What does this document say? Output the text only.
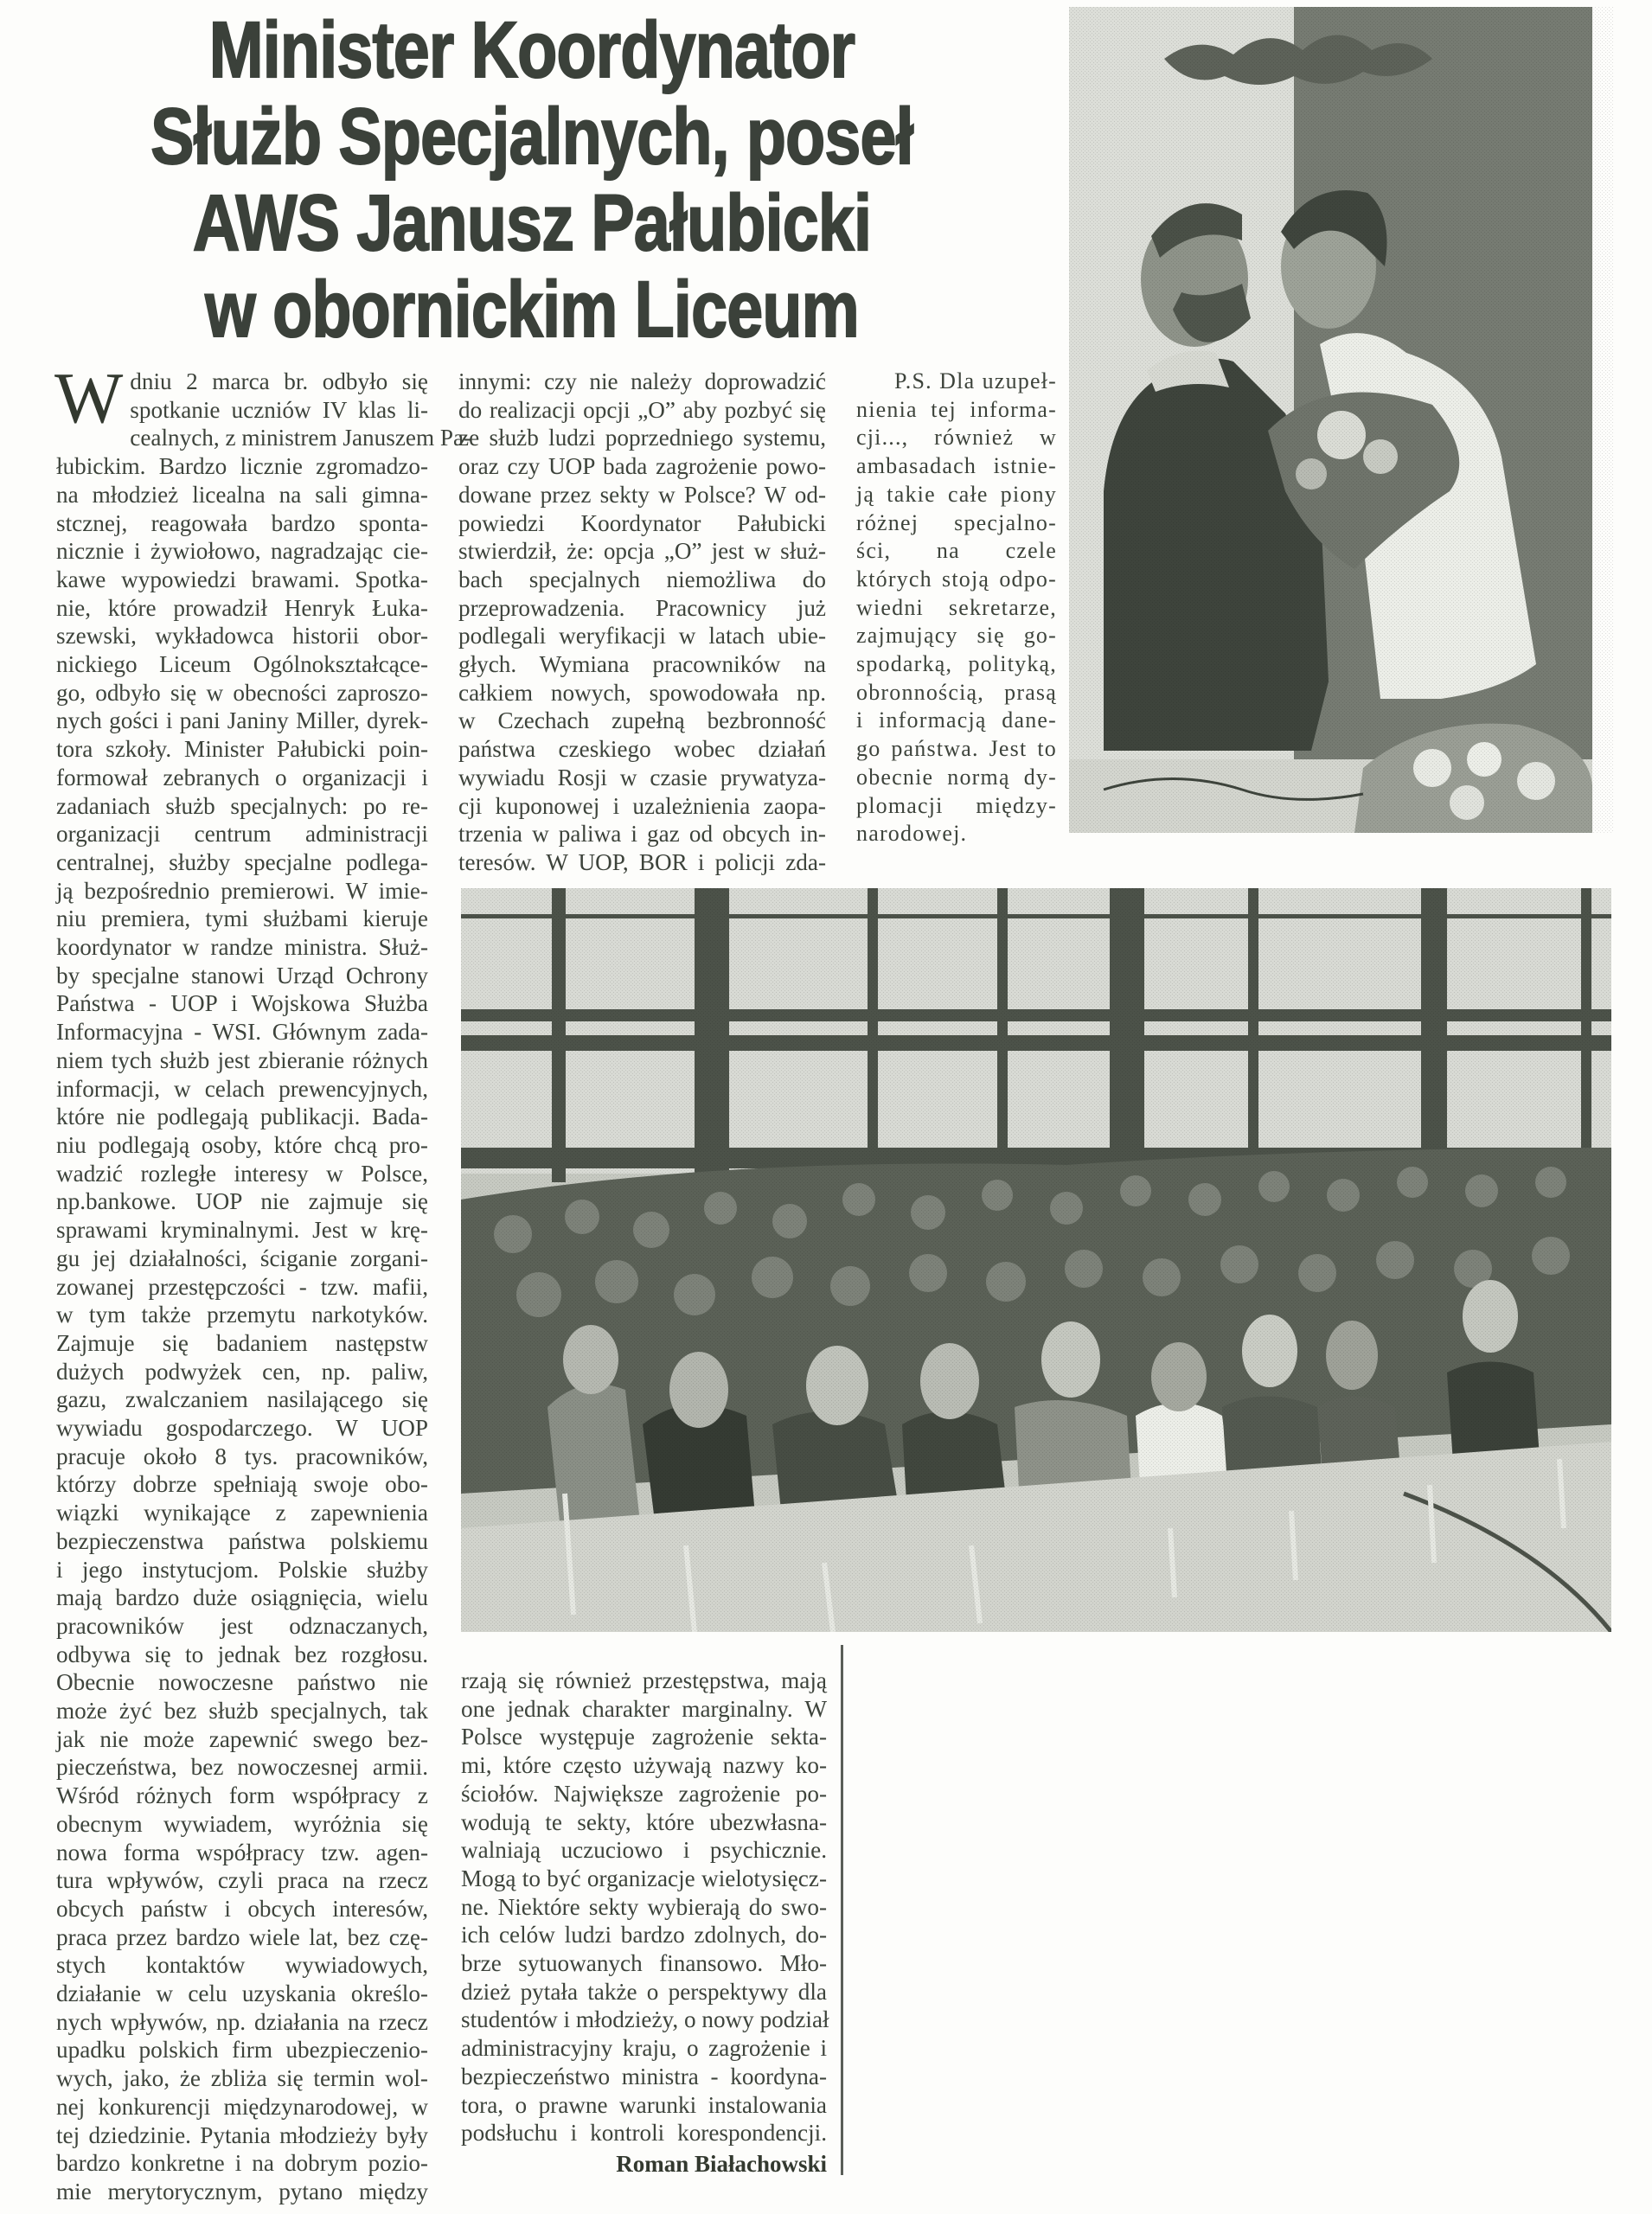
Minister Koordynator
Służb Specjalnych, poseł
AWS Janusz Pałubicki
w obornickim Liceum
W dniu 2 marca br. odbyło się
spotkanie uczniów IV klas li-
cealnych, z ministrem Januszem Pa-
łubickim. Bardzo licznie zgromadzo-
na młodzież licealna na sali gimna-
stcznej, reagowała bardzo sponta-
nicznie i żywiołowo, nagradzając cie-
kawe wypowiedzi brawami. Spotka-
nie, które prowadził Henryk Łuka-
szewski, wykładowca historii obor-
nickiego Liceum Ogólnokształcące-
go, odbyło się w obecności zaproszo-
nych gości i pani Janiny Miller, dyrek-
tora szkoły. Minister Pałubicki poin-
formował zebranych o organizacji i
zadaniach służb specjalnych: po re-
organizacji centrum administracji
centralnej, służby specjalne podlega-
ją bezpośrednio premierowi. W imie-
niu premiera, tymi służbami kieruje
koordynator w randze ministra. Służ-
by specjalne stanowi Urząd Ochrony
Państwa - UOP i Wojskowa Służba
Informacyjna - WSI. Głównym zada-
niem tych służb jest zbieranie różnych
informacji, w celach prewencyjnych,
które nie podlegają publikacji. Bada-
niu podlegają osoby, które chcą pro-
wadzić rozległe interesy w Polsce,
np.bankowe. UOP nie zajmuje się
sprawami kryminalnymi. Jest w krę-
gu jej działalności, ściganie zorgani-
zowanej przestępczości - tzw. mafii,
w tym także przemytu narkotyków.
Zajmuje się badaniem następstw
dużych podwyżek cen, np. paliw,
gazu, zwalczaniem nasilającego się
wywiadu gospodarczego. W UOP
pracuje około 8 tys. pracowników,
którzy dobrze spełniają swoje obo-
wiązki wynikające z zapewnienia
bezpieczenstwa państwa polskiemu
i jego instytucjom. Polskie służby
mają bardzo duże osiągnięcia, wielu
pracowników jest odznaczanych,
odbywa się to jednak bez rozgłosu.
Obecnie nowoczesne państwo nie
może żyć bez służb specjalnych, tak
jak nie może zapewnić swego bez-
pieczeństwa, bez nowoczesnej armii.
Wśród różnych form współpracy z
obecnym wywiadem, wyróżnia się
nowa forma współpracy tzw. agen-
tura wpływów, czyli praca na rzecz
obcych państw i obcych interesów,
praca przez bardzo wiele lat, bez czę-
stych kontaktów wywiadowych,
działanie w celu uzyskania określo-
nych wpływów, np. działania na rzecz
upadku polskich firm ubezpieczenio-
wych, jako, że zbliża się termin wol-
nej konkurencji międzynarodowej, w
tej dziedzinie. Pytania młodzieży były
bardzo konkretne i na dobrym pozio-
mie merytorycznym, pytano między
innymi: czy nie należy doprowadzić
do realizacji opcji „O” aby pozbyć się
ze służb ludzi poprzedniego systemu,
oraz czy UOP bada zagrożenie powo-
dowane przez sekty w Polsce? W od-
powiedzi Koordynator Pałubicki
stwierdził, że: opcja „O” jest w służ-
bach specjalnych niemożliwa do
przeprowadzenia. Pracownicy już
podlegali weryfikacji w latach ubie-
głych. Wymiana pracowników na
całkiem nowych, spowodowała np.
w Czechach zupełną bezbronność
państwa czeskiego wobec działań
wywiadu Rosji w czasie prywatyza-
cji kuponowej i uzależnienia zaopa-
trzenia w paliwa i gaz od obcych in-
teresów. W UOP, BOR i policji zda-
P.S. Dla uzupeł-
nienia tej informa-
cji..., również w
ambasadach istnie-
ją takie całe piony
różnej specjalno-
ści, na czele
których stoją odpo-
wiedni sekretarze,
zajmujący się go-
spodarką, polityką,
obronnością, prasą
i informacją dane-
go państwa. Jest to
obecnie normą dy-
plomacji między-
narodowej.
rzają się również przestępstwa, mają
one jednak charakter marginalny. W
Polsce występuje zagrożenie sekta-
mi, które często używają nazwy ko-
ściołów. Największe zagrożenie po-
wodują te sekty, które ubezwłasna-
walniają uczuciowo i psychicznie.
Mogą to być organizacje wielotysięcz-
ne. Niektóre sekty wybierają do swo-
ich celów ludzi bardzo zdolnych, do-
brze sytuowanych finansowo. Mło-
dzież pytała także o perspektywy dla
studentów i młodzieży, o nowy podział
administracyjny kraju, o zagrożenie i
bezpieczeństwo ministra - koordyna-
tora, o prawne warunki instalowania
podsłuchu i kontroli korespondencji.
Roman Białachowski
